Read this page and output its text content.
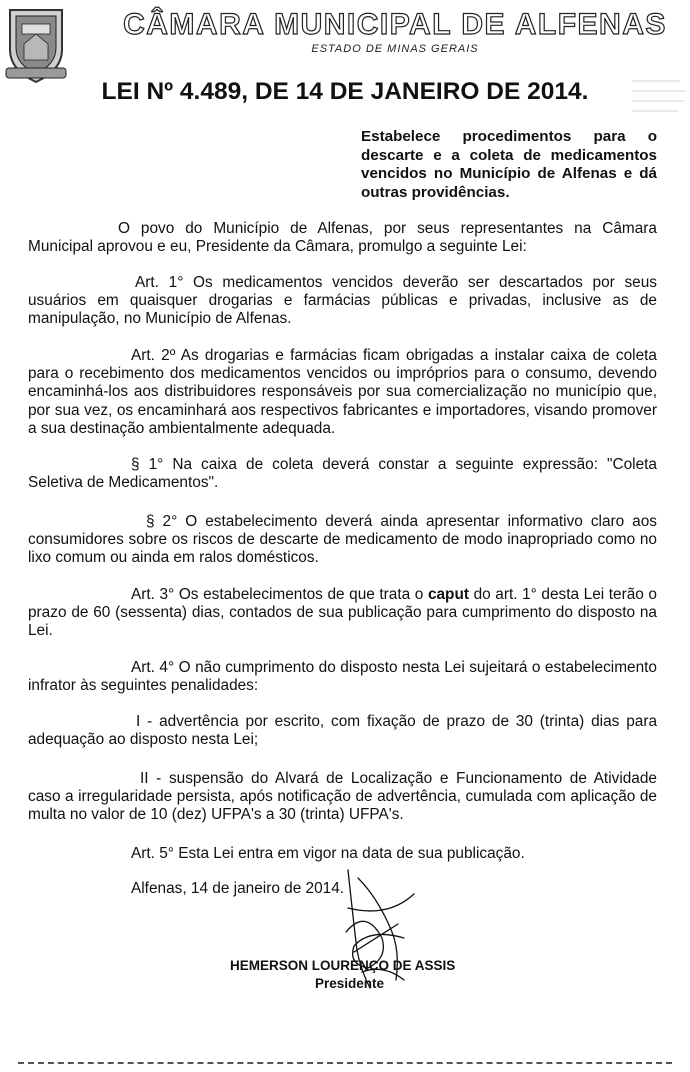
CÂMARA MUNICIPAL DE ALFENAS
ESTADO DE MINAS GERAIS
LEI Nº 4.489, DE 14 DE JANEIRO DE 2014.
Estabelece procedimentos para o descarte e a coleta de medicamentos vencidos no Município de Alfenas e dá outras providências.

O povo do Município de Alfenas, por seus representantes na Câmara Municipal aprovou e eu, Presidente da Câmara, promulgo a seguinte Lei:

Art. 1° Os medicamentos vencidos deverão ser descartados por seus usuários em quaisquer drogarias e farmácias públicas e privadas, inclusive as de manipulação, no Município de Alfenas.

Art. 2º As drogarias e farmácias ficam obrigadas a instalar caixa de coleta para o recebimento dos medicamentos vencidos ou impróprios para o consumo, devendo encaminhá-los aos distribuidores responsáveis por sua comercialização no município que, por sua vez, os encaminhará aos respectivos fabricantes e importadores, visando promover a sua destinação ambientalmente adequada.

§ 1° Na caixa de coleta deverá constar a seguinte expressão: "Coleta Seletiva de Medicamentos".

§ 2° O estabelecimento deverá ainda apresentar informativo claro aos consumidores sobre os riscos de descarte de medicamento de modo inapropriado como no lixo comum ou ainda em ralos domésticos.

Art. 3° Os estabelecimentos de que trata o caput do art. 1° desta Lei terão o prazo de 60 (sessenta) dias, contados de sua publicação para cumprimento do disposto na Lei.

Art. 4° O não cumprimento do disposto nesta Lei sujeitará o estabelecimento infrator às seguintes penalidades:

I - advertência por escrito, com fixação de prazo de 30 (trinta) dias para adequação ao disposto nesta Lei;

II - suspensão do Alvará de Localização e Funcionamento de Atividade caso a irregularidade persista, após notificação de advertência, cumulada com aplicação de multa no valor de 10 (dez) UFPA's a 30 (trinta) UFPA's.

Art. 5° Esta Lei entra em vigor na data de sua publicação.

Alfenas, 14 de janeiro de 2014.

HEMERSON LOURENÇO DE ASSIS
Presidente
